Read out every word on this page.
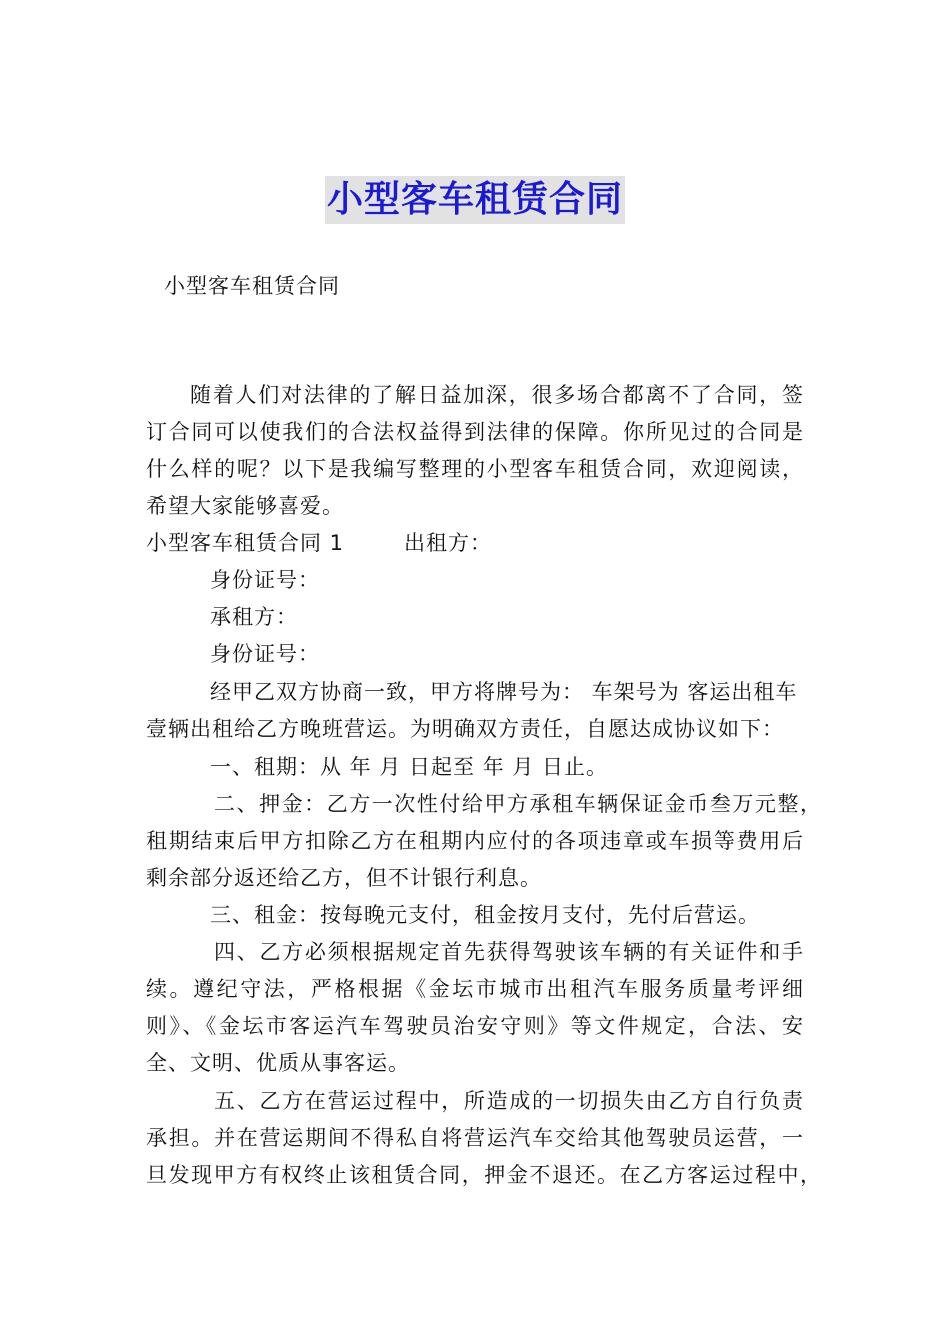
小型客车租赁合同
小型客车租赁合同
随着人们对法律的了解日益加深，很多场合都离不了合同，签
订合同可以使我们的合法权益得到法律的保障。你所见过的合同是
什么样的呢？以下是我编写整理的小型客车租赁合同，欢迎阅读，
希望大家能够喜爱。
小型客车租赁合同 1	出租方：
身份证号：
承租方：
身份证号：
经甲乙双方协商一致，甲方将牌号为： 车架号为 客运出租车
壹辆出租给乙方晚班营运。为明确双方责任，自愿达成协议如下：
一、租期：从 年 月 日起至 年 月 日止。
二、押金：乙方一次性付给甲方承租车辆保证金币叁万元整，
租期结束后甲方扣除乙方在租期内应付的各项违章或车损等费用后
剩余部分返还给乙方，但不计银行利息。
三、租金：按每晚元支付，租金按月支付，先付后营运。
四、乙方必须根据规定首先获得驾驶该车辆的有关证件和手
续。遵纪守法，严格根据《金坛市城市出租汽车服务质量考评细
则》、《金坛市客运汽车驾驶员治安守则》等文件规定，合法、安
全、文明、优质从事客运。
五、乙方在营运过程中，所造成的一切损失由乙方自行负责
承担。并在营运期间不得私自将营运汽车交给其他驾驶员运营，一
旦发现甲方有权终止该租赁合同，押金不退还。在乙方客运过程中，
